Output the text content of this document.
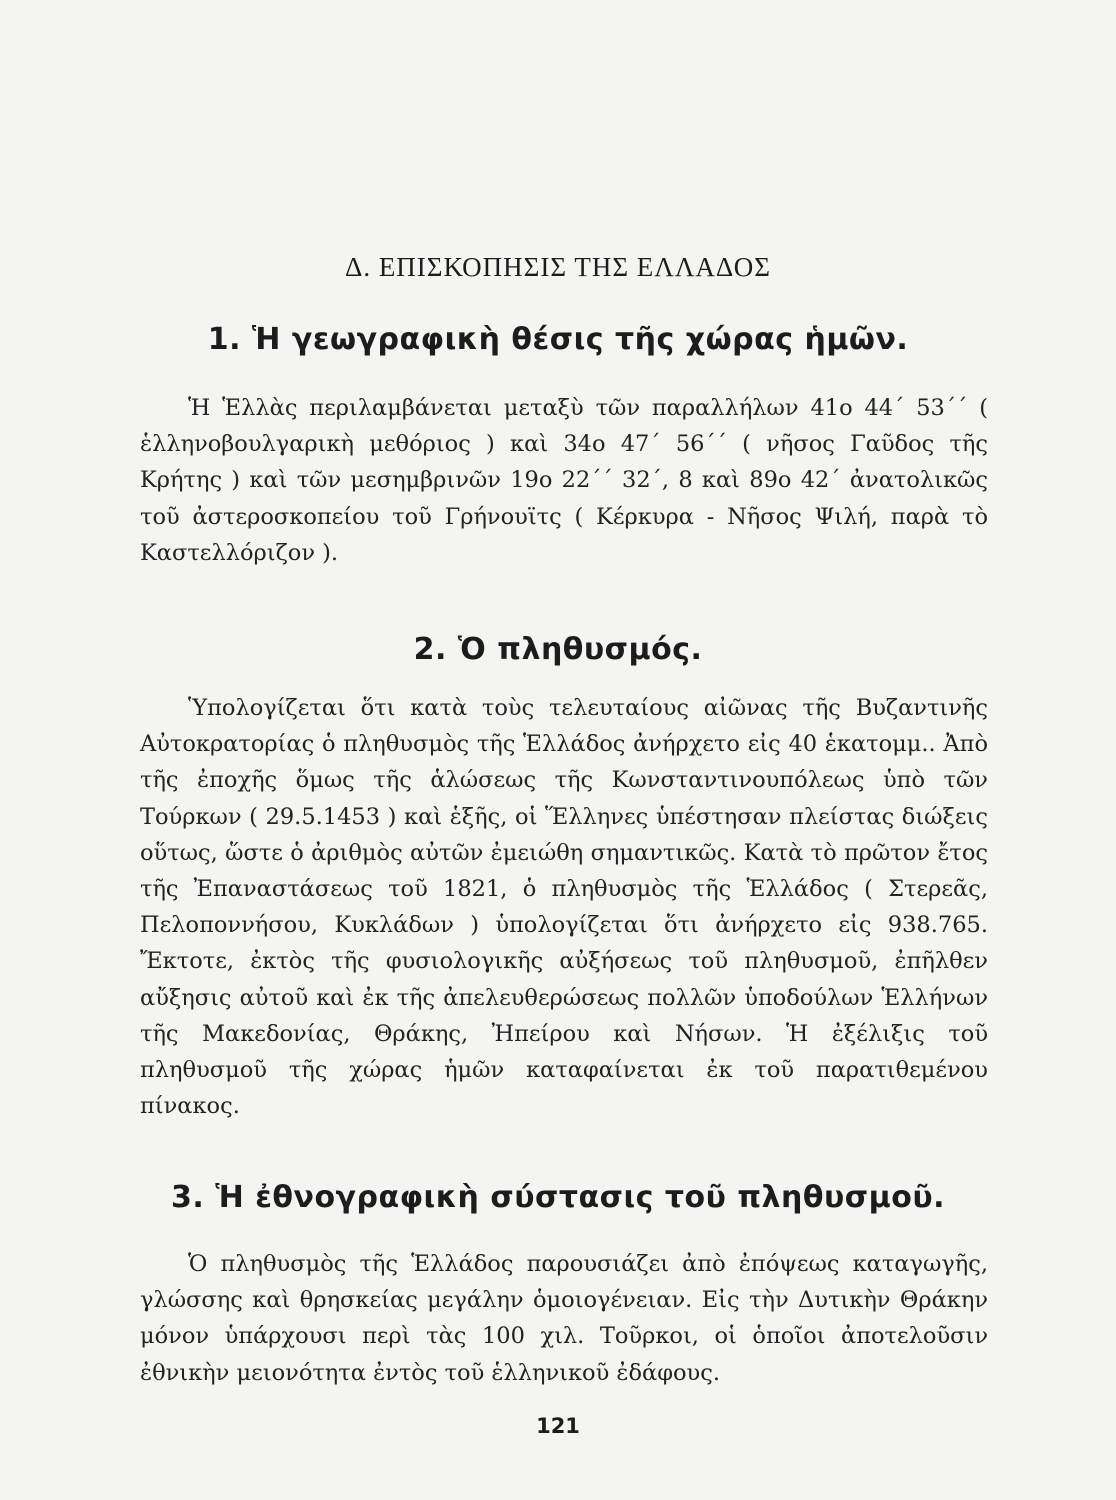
Δ. ΕΠΙΣΚΟΠΗΣΙΣ ΤΗΣ ΕΛΛΑΔΟΣ
1. Ἡ γεωγραφικὴ θέσις τῆς χώρας ἡμῶν.

Ἡ Ἑλλὰς περιλαμβάνεται μεταξὺ τῶν παραλλήλων 41ο 44΄ 53΄΄ ( ἑλληνοβουλγαρικὴ μεθόριος ) καὶ 34ο 47΄ 56΄΄ ( νῆσος Γαῦδος τῆς Κρήτης ) καὶ τῶν μεσημβρινῶν 19ο 22΄΄ 32΄, 8 καὶ 89ο 42΄ ἀνατολικῶς τοῦ ἀστεροσκοπείου τοῦ Γρήνουϊτς ( Κέρκυρα - Νῆσος Ψιλή, παρὰ τὸ Καστελλόριζον ).

2. Ὁ πληθυσμός.

Ὑπολογίζεται ὅτι κατὰ τοὺς τελευταίους αἰῶνας τῆς Βυζαντινῆς Αὐτοκρατορίας ὁ πληθυσμὸς τῆς Ἑλλάδος ἀνήρχετο εἰς 40 ἑκατομμ.. Ἀπὸ τῆς ἐποχῆς ὅμως τῆς ἁλώσεως τῆς Κωνσταντινουπόλεως ὑπὸ τῶν Τούρκων ( 29.5.1453 ) καὶ ἑξῆς, οἱ Ἕλληνες ὑπέστησαν πλείστας διώξεις οὕτως, ὥστε ὁ ἀριθμὸς αὐτῶν ἐμειώθη σημαντικῶς. Κατὰ τὸ πρῶτον ἔτος τῆς Ἐπαναστάσεως τοῦ 1821, ὁ πληθυσμὸς τῆς Ἑλλάδος ( Στερεᾶς, Πελοποννήσου, Κυκλάδων ) ὑπολογίζεται ὅτι ἀνήρχετο εἰς 938.765. Ἔκτοτε, ἐκτὸς τῆς φυσιολογικῆς αὐξήσεως τοῦ πληθυσμοῦ, ἐπῆλθεν αὔξησις αὐτοῦ καὶ ἐκ τῆς ἀπελευθερώσεως πολλῶν ὑποδούλων Ἑλλήνων τῆς Μακεδονίας, Θράκης, Ἠπείρου καὶ Νήσων. Ἡ ἐξέλιξις τοῦ πληθυσμοῦ τῆς χώρας ἡμῶν καταφαίνεται ἐκ τοῦ παρατιθεμένου πίνακος.

3. Ἡ ἐθνογραφικὴ σύστασις τοῦ πληθυσμοῦ.

Ὁ πληθυσμὸς τῆς Ἑλλάδος παρουσιάζει ἀπὸ ἐπόψεως καταγωγῆς, γλώσσης καὶ θρησκείας μεγάλην ὁμοιογένειαν. Εἰς τὴν Δυτικὴν Θράκην μόνον ὑπάρχουσι περὶ τὰς 100 χιλ. Τοῦρκοι, οἱ ὁποῖοι ἀποτελοῦσιν ἐθνικὴν μειονότητα ἐντὸς τοῦ ἑλληνικοῦ ἐδάφους.

121
